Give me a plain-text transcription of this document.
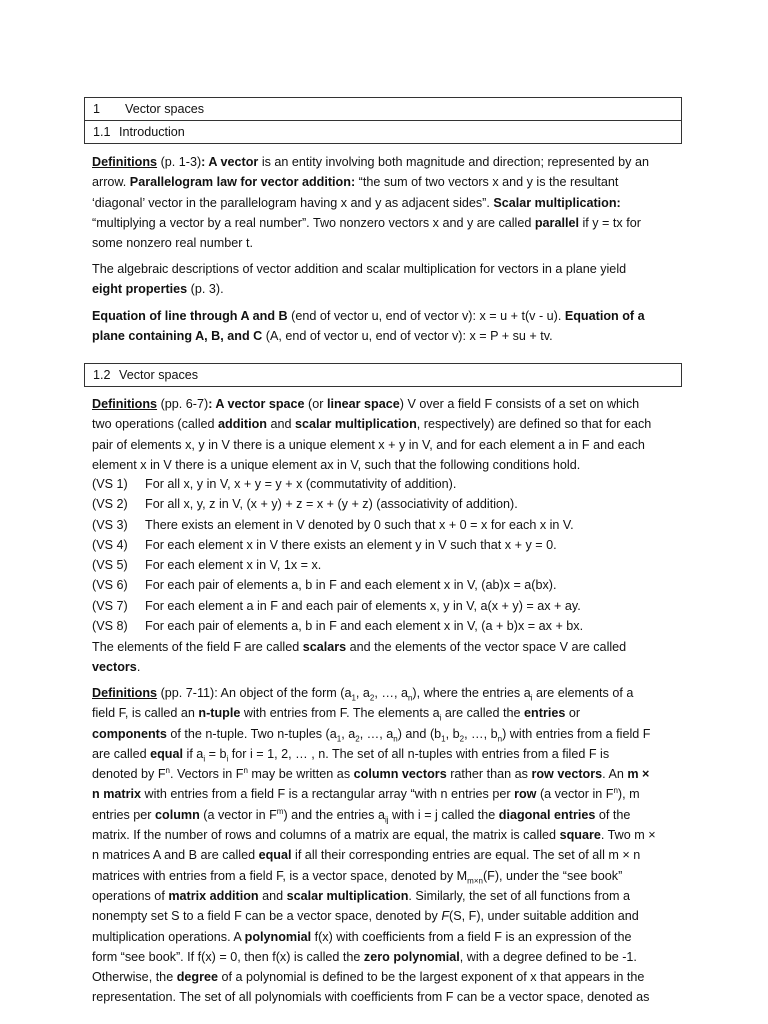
1 Vector spaces
1.1 Introduction

Definitions (p. 1-3): A vector is an entity involving both magnitude and direction; represented by an arrow. Parallelogram law for vector addition: “the sum of two vectors x and y is the resultant ‘diagonal’ vector in the parallelogram having x and y as adjacent sides”. Scalar multiplication: “multiplying a vector by a real number”. Two nonzero vectors x and y are called parallel if y = tx for some nonzero real number t.

The algebraic descriptions of vector addition and scalar multiplication for vectors in a plane yield eight properties (p. 3).

Equation of line through A and B (end of vector u, end of vector v): x = u + t(v - u). Equation of a plane containing A, B, and C (A, end of vector u, end of vector v): x = P + su + tv.

1.2 Vector spaces

Definitions (pp. 6-7): A vector space (or linear space) V over a field F consists of a set on which two operations (called addition and scalar multiplication, respectively) are defined so that for each pair of elements x, y in V there is a unique element x + y in V, and for each element a in F and each element x in V there is a unique element ax in V, such that the following conditions hold.

(VS 1) For all x, y in V, x + y = y + x (commutativity of addition).
(VS 2) For all x, y, z in V, (x + y) + z = x + (y + z) (associativity of addition).
(VS 3) There exists an element in V denoted by 0 such that x + 0 = x for each x in V.
(VS 4) For each element x in V there exists an element y in V such that x + y = 0.
(VS 5) For each element x in V, 1x = x.
(VS 6) For each pair of elements a, b in F and each element x in V, (ab)x = a(bx).
(VS 7) For each element a in F and each pair of elements x, y in V, a(x + y) = ax + ay.
(VS 8) For each pair of elements a, b in F and each element x in V, (a + b)x = ax + bx.

The elements of the field F are called scalars and the elements of the vector space V are called vectors.

Definitions (pp. 7-11): An object of the form ($a_1$, $a_2$, …, $a_n$), where the entries $a_i$ are elements of a field F, is called an n-tuple with entries from F. The elements $a_i$ are called the entries or components of the n-tuple. Two n-tuples ($a_1$, $a_2$, …, $a_n$) and ($b_1$, $b_2$, …, $b_n$) with entries from a field F are called equal if $a_i = b_i$ for i = 1, 2, … , n. The set of all n-tuples with entries from a filed F is denoted by $F^n$. Vectors in $F^n$ may be written as column vectors rather than as row vectors. An m × n matrix with entries from a field F is a rectangular array “with n entries per row (a vector in $F^n$), m entries per column (a vector in $F^m$) and the entries $a_{ij}$ with i = j called the diagonal entries of the matrix. If the number of rows and columns of a matrix are equal, the matrix is called square. Two m × n matrices A and B are called equal if all their corresponding entries are equal. The set of all m × n matrices with entries from a field F, is a vector space, denoted by $M_{m\times n}(F)$, under the “see book” operations of matrix addition and scalar multiplication. Similarly, the set of all functions from a nonempty set S to a field F can be a vector space, denoted by F(S, F), under suitable addition and multiplication operations. A polynomial f(x) with coefficients from a field F is an expression of the form “see book”. If f(x) = 0, then f(x) is called the zero polynomial, with a degree defined to be -1. Otherwise, the degree of a polynomial is defined to be the largest exponent of x that appears in the representation. The set of all polynomials with coefficients from F can be a vector space, denoted as
